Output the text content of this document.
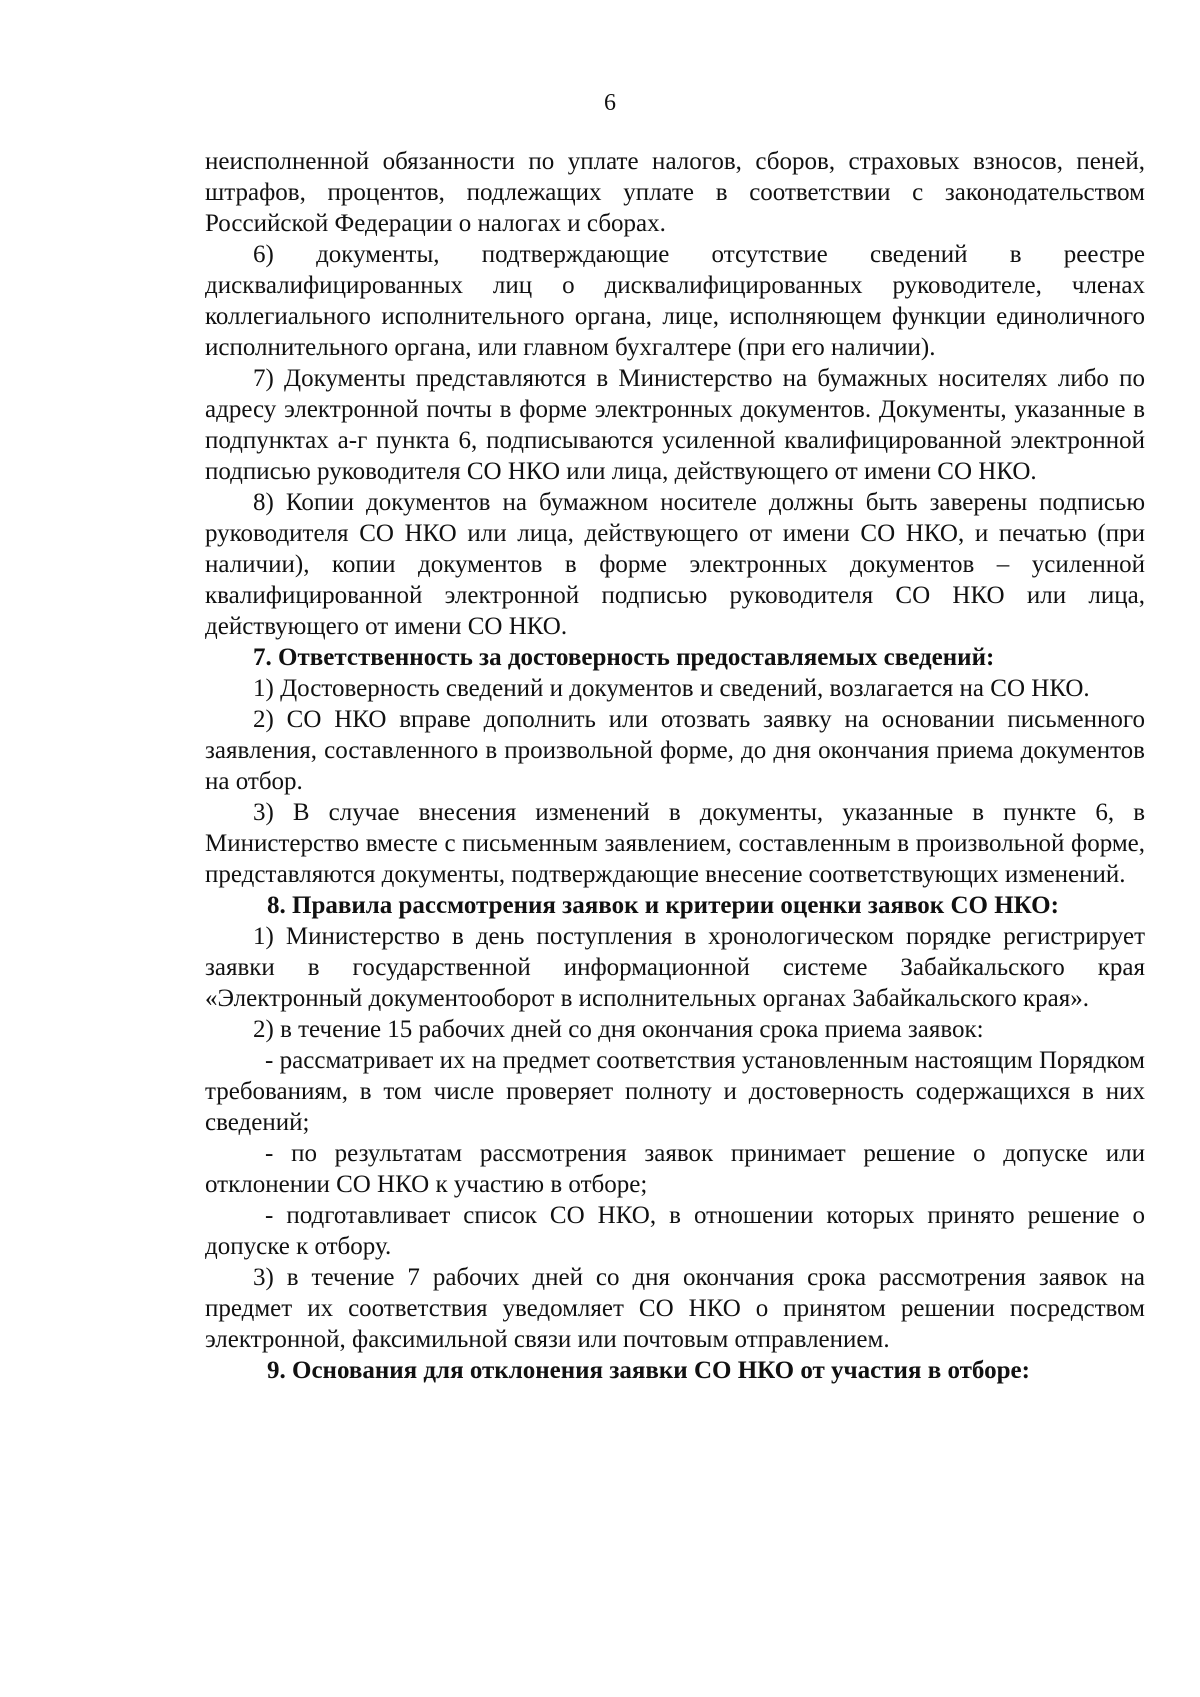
6

неисполненной обязанности по уплате налогов, сборов, страховых взносов, пеней, штрафов, процентов, подлежащих уплате в соответствии с законодательством Российской Федерации о налогах и сборах.

6) документы, подтверждающие отсутствие сведений в реестре дисквалифицированных лиц о дисквалифицированных руководителе, членах коллегиального исполнительного органа, лице, исполняющем функции единоличного исполнительного органа, или главном бухгалтере (при его наличии).

7) Документы представляются в Министерство на бумажных носителях либо по адресу электронной почты в форме электронных документов. Документы, указанные в подпунктах а-г пункта 6, подписываются усиленной квалифицированной электронной подписью руководителя СО НКО или лица, действующего от имени СО НКО.

8) Копии документов на бумажном носителе должны быть заверены подписью руководителя СО НКО или лица, действующего от имени СО НКО, и печатью (при наличии), копии документов в форме электронных документов – усиленной квалифицированной электронной подписью руководителя СО НКО или лица, действующего от имени СО НКО.

7. Ответственность за достоверность предоставляемых сведений:

1) Достоверность сведений и документов и сведений, возлагается на СО НКО.

2) СО НКО вправе дополнить или отозвать заявку на основании письменного заявления, составленного в произвольной форме, до дня окончания приема документов на отбор.

3) В случае внесения изменений в документы, указанные в пункте 6, в Министерство вместе с письменным заявлением, составленным в произвольной форме, представляются документы, подтверждающие внесение соответствующих изменений.

8. Правила рассмотрения заявок и критерии оценки заявок СО НКО:

1) Министерство в день поступления в хронологическом порядке регистрирует заявки в государственной информационной системе Забайкальского края «Электронный документооборот в исполнительных органах Забайкальского края».

2) в течение 15 рабочих дней со дня окончания срока приема заявок:

- рассматривает их на предмет соответствия установленным настоящим Порядком требованиям, в том числе проверяет полноту и достоверность содержащихся в них сведений;

- по результатам рассмотрения заявок принимает решение о допуске или отклонении СО НКО к участию в отборе;

- подготавливает список СО НКО, в отношении которых принято решение о допуске к отбору.

3) в течение 7 рабочих дней со дня окончания срока рассмотрения заявок на предмет их соответствия уведомляет СО НКО о принятом решении посредством электронной, факсимильной связи или почтовым отправлением.

9. Основания для отклонения заявки СО НКО от участия в отборе:
